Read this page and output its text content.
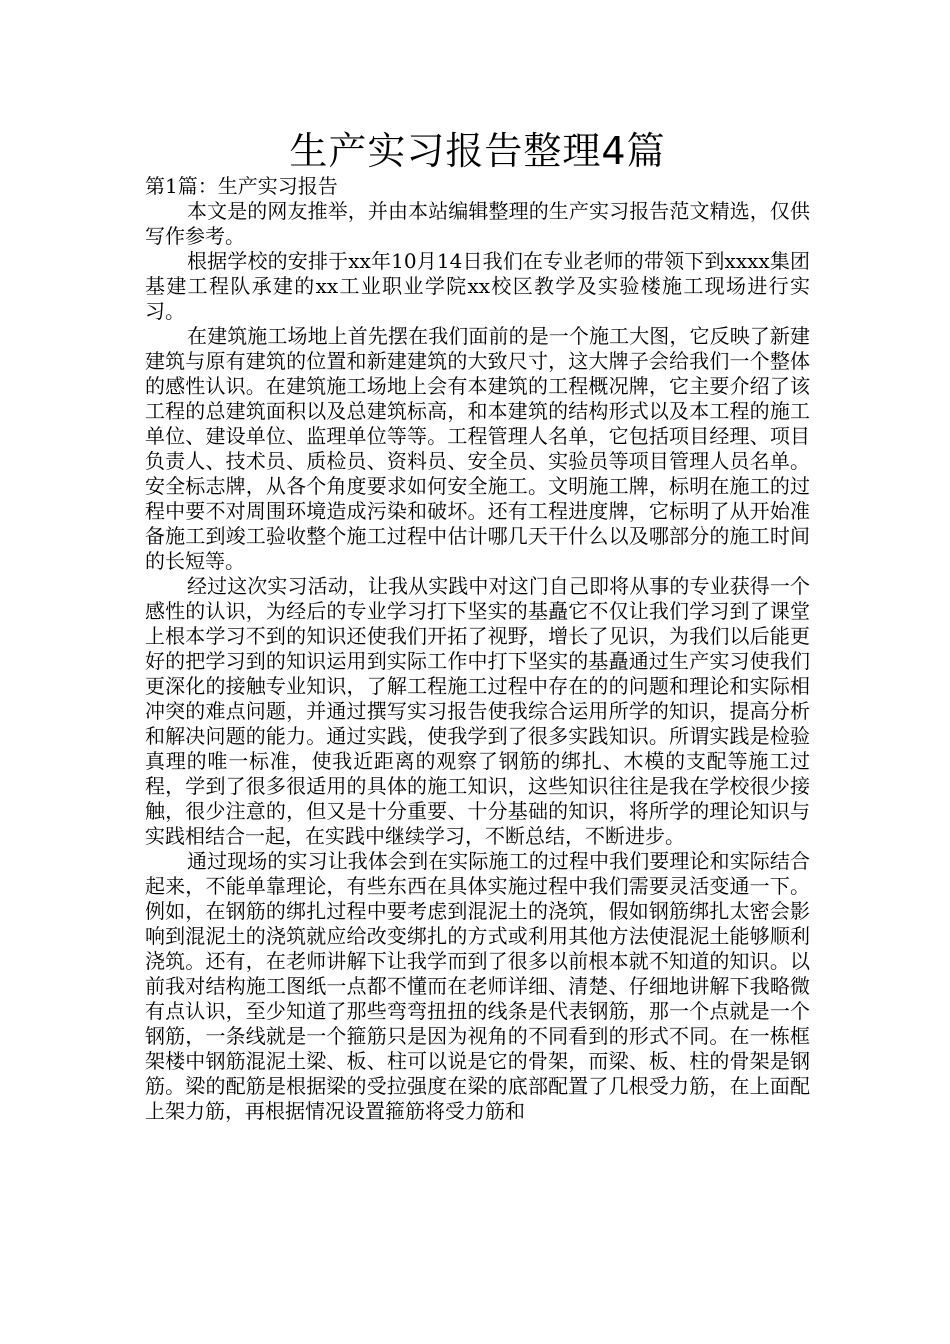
生产实习报告整理4篇

第1篇：生产实习报告

本文是的网友推举，并由本站编辑整理的生产实习报告范文精选，仅供写作参考。

根据学校的安排于xx年10月14日我们在专业老师的带领下到xxxx集团基建工程队承建的xx工业职业学院xx校区教学及实验楼施工现场进行实习。

在建筑施工场地上首先摆在我们面前的是一个施工大图，它反映了新建建筑与原有建筑的位置和新建建筑的大致尺寸，这大牌子会给我们一个整体的感性认识。在建筑施工场地上会有本建筑的工程概况牌，它主要介绍了该工程的总建筑面积以及总建筑标高，和本建筑的结构形式以及本工程的施工单位、建设单位、监理单位等等。工程管理人名单，它包括项目经理、项目负责人、技术员、质检员、资料员、安全员、实验员等项目管理人员名单。安全标志牌，从各个角度要求如何安全施工。文明施工牌，标明在施工的过程中要不对周围环境造成污染和破坏。还有工程进度牌，它标明了从开始准备施工到竣工验收整个施工过程中估计哪几天干什么以及哪部分的施工时间的长短等。

经过这次实习活动，让我从实践中对这门自己即将从事的专业获得一个感性的认识，为经后的专业学习打下坚实的基矗它不仅让我们学习到了课堂上根本学习不到的知识还使我们开拓了视野，增长了见识，为我们以后能更好的把学习到的知识运用到实际工作中打下坚实的基矗通过生产实习使我们更深化的接触专业知识，了解工程施工过程中存在的的问题和理论和实际相冲突的难点问题，并通过撰写实习报告使我综合运用所学的知识，提高分析和解决问题的能力。通过实践，使我学到了很多实践知识。所谓实践是检验真理的唯一标准，使我近距离的观察了钢筋的绑扎、木模的支配等施工过程，学到了很多很适用的具体的施工知识，这些知识往往是我在学校很少接触，很少注意的，但又是十分重要、十分基础的知识，将所学的理论知识与实践相结合一起，在实践中继续学习，不断总结，不断进步。

通过现场的实习让我体会到在实际施工的过程中我们要理论和实际结合起来，不能单靠理论，有些东西在具体实施过程中我们需要灵活变通一下。例如，在钢筋的绑扎过程中要考虑到混泥土的浇筑，假如钢筋绑扎太密会影响到混泥土的浇筑就应给改变绑扎的方式或利用其他方法使混泥土能够顺利浇筑。还有，在老师讲解下让我学而到了很多以前根本就不知道的知识。以前我对结构施工图纸一点都不懂而在老师详细、清楚、仔细地讲解下我略微有点认识，至少知道了那些弯弯扭扭的线条是代表钢筋，那一个点就是一个钢筋，一条线就是一个箍筋只是因为视角的不同看到的形式不同。在一栋框架楼中钢筋混泥土梁、板、柱可以说是它的骨架，而梁、板、柱的骨架是钢筋。梁的配筋是根据梁的受拉强度在梁的底部配置了几根受力筋，在上面配上架力筋，再根据情况设置箍筋将受力筋和
